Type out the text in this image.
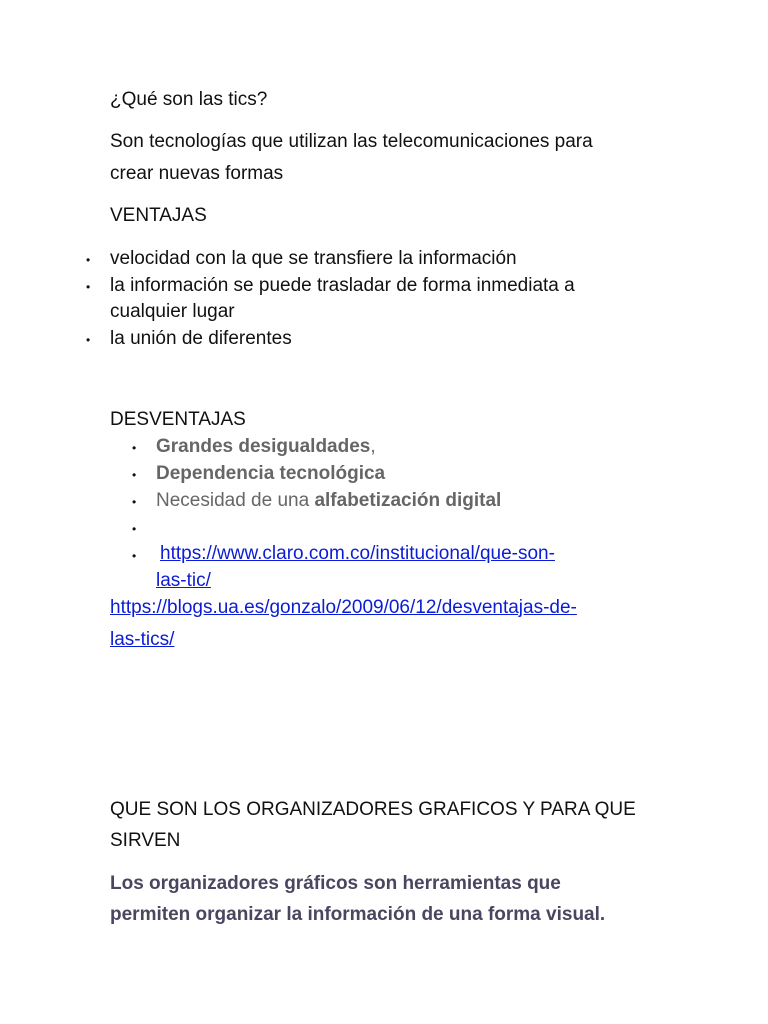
¿Qué son las tics?
Son tecnologías que utilizan las telecomunicaciones para
crear nuevas formas
VENTAJAS
• velocidad con la que se transfiere la información
• la información se puede trasladar de forma inmediata a
cualquier lugar
• la unión de diferentes
DESVENTAJAS
• Grandes desigualdades,
• Dependencia tecnológica
• Necesidad de una alfabetización digital
•
• https://www.claro.com.co/institucional/que-son-
las-tic/
https://blogs.ua.es/gonzalo/2009/06/12/desventajas-de-
las-tics/
QUE SON LOS ORGANIZADORES GRAFICOS Y PARA QUE
SIRVEN
Los organizadores gráficos son herramientas que
permiten organizar la información de una forma visual.
